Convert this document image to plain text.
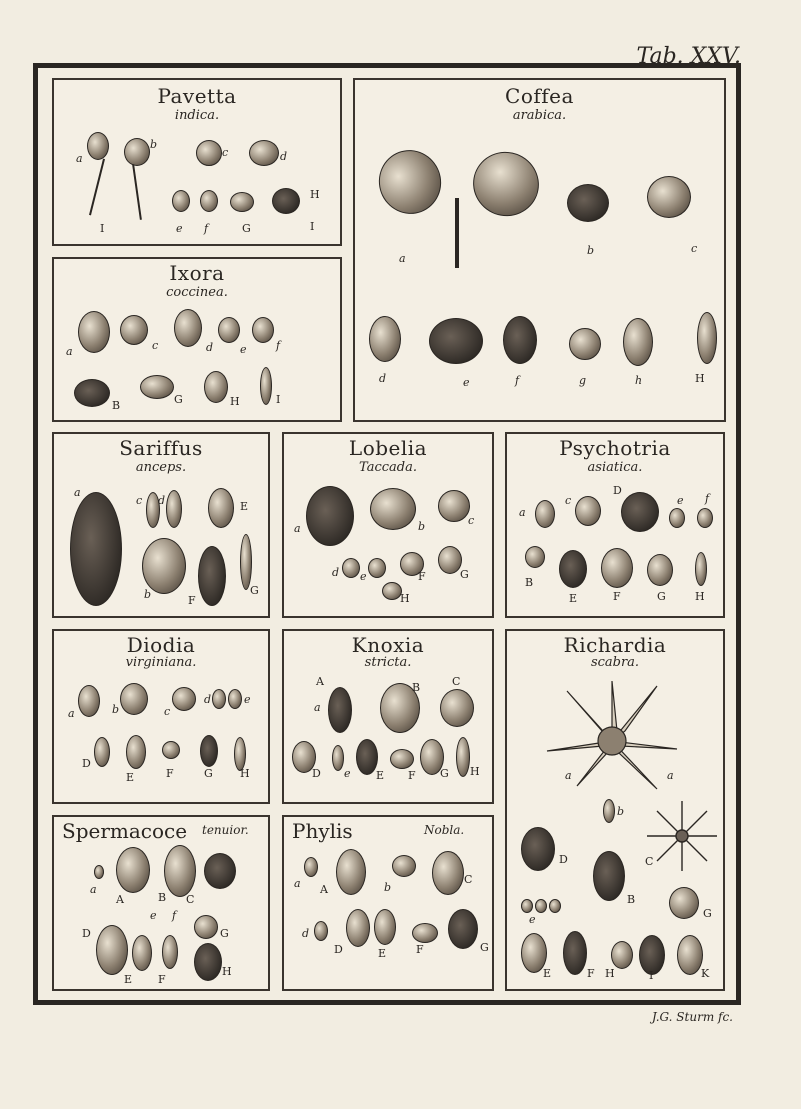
Tab. XXV.
Pavetta
indica.
a
b
c	d
I	e f	G
H
I
Coffea
arabica.
a
b	c
d	e	f	g	h	H
Ixora
coccinea.
a	c	d e	f
B	G	H	I
Sariffus
anceps.
a
c d	E
b	F
G
Lobelia
Taccada.
a	b	c
d e	F	G
H
Psychotria
asiatica.
a
c
D
e f
B
E	F	G	H
Diodia
virginiana.
a	b	c
d	e
D
E	F	G H
Knoxia
stricta.
A	B	C
a
D e E F G H
Richardia
scabra.
a	a
b
D	C
B
e	G
E	F H	I	K
Spermacoce tenuior.
a
A	B C
D
e f
G
E F
H
Phylis	Nobla.
a A	b
C
d
D	E	F	G
J.G. Sturm fc.
